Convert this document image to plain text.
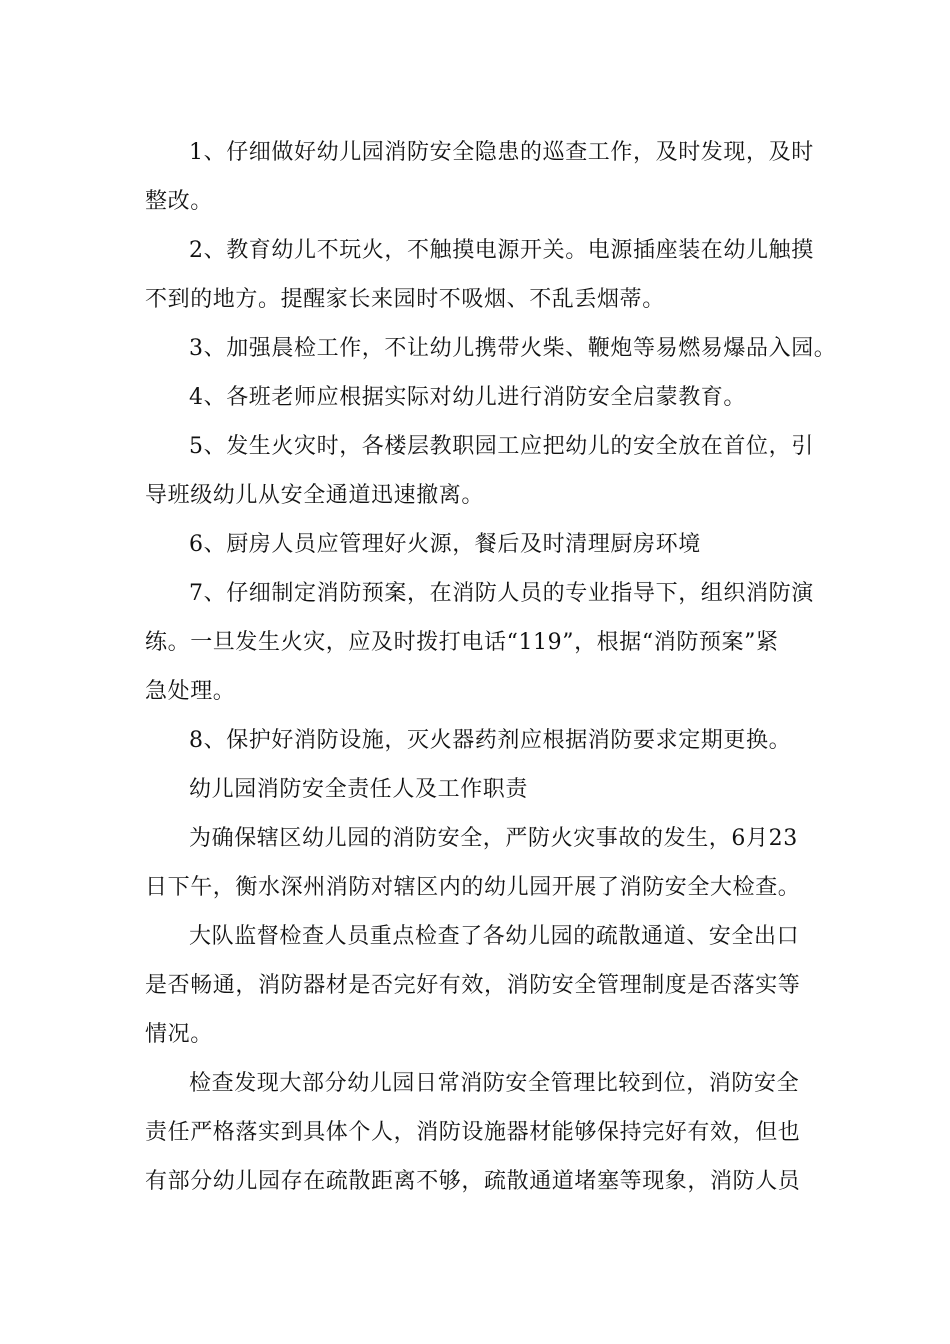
1、仔细做好幼儿园消防安全隐患的巡查工作，及时发现，及时
整改。

2、教育幼儿不玩火，不触摸电源开关。电源插座装在幼儿触摸
不到的地方。提醒家长来园时不吸烟、不乱丢烟蒂。

3、加强晨检工作，不让幼儿携带火柴、鞭炮等易燃易爆品入园。

4、各班老师应根据实际对幼儿进行消防安全启蒙教育。

5、发生火灾时，各楼层教职园工应把幼儿的安全放在首位，引
导班级幼儿从安全通道迅速撤离。

6、厨房人员应管理好火源，餐后及时清理厨房环境

7、仔细制定消防预案，在消防人员的专业指导下，组织消防演
练。一旦发生火灾，应及时拨打电话“119”，根据“消防预案”紧
急处理。

8、保护好消防设施，灭火器药剂应根据消防要求定期更换。

幼儿园消防安全责任人及工作职责

为确保辖区幼儿园的消防安全，严防火灾事故的发生，6月23
日下午，衡水深州消防对辖区内的幼儿园开展了消防安全大检查。

大队监督检查人员重点检查了各幼儿园的疏散通道、安全出口
是否畅通，消防器材是否完好有效，消防安全管理制度是否落实等
情况。

检查发现大部分幼儿园日常消防安全管理比较到位，消防安全
责任严格落实到具体个人，消防设施器材能够保持完好有效，但也
有部分幼儿园存在疏散距离不够，疏散通道堵塞等现象，消防人员
